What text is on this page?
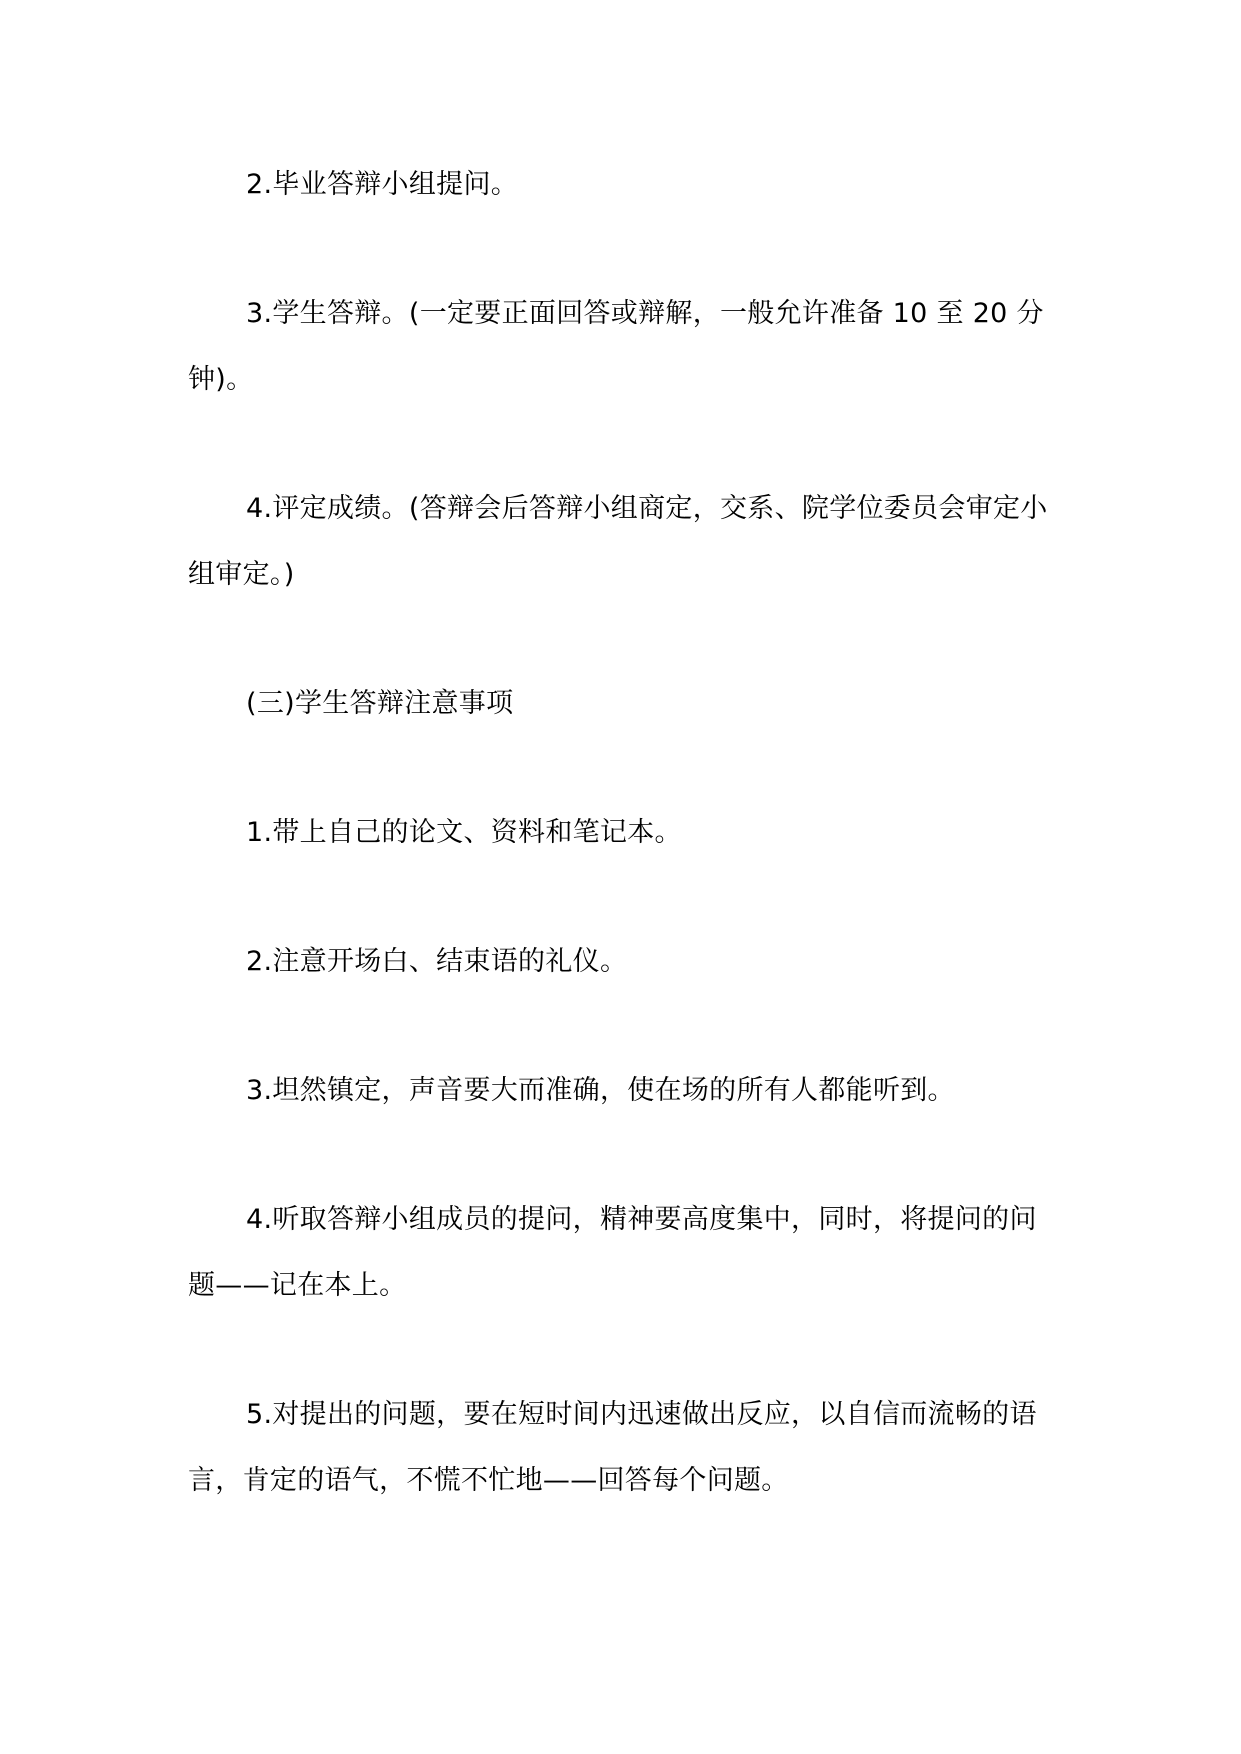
2.毕业答辩小组提问。

3.学生答辩。(一定要正面回答或辩解，一般允许准备 10 至 20 分钟)。

4.评定成绩。(答辩会后答辩小组商定，交系、院学位委员会审定小组审定。)

(三)学生答辩注意事项

1.带上自己的论文、资料和笔记本。

2.注意开场白、结束语的礼仪。

3.坦然镇定，声音要大而准确，使在场的所有人都能听到。

4.听取答辩小组成员的提问，精神要高度集中，同时，将提问的问题——记在本上。

5.对提出的问题，要在短时间内迅速做出反应，以自信而流畅的语言，肯定的语气，不慌不忙地——回答每个问题。
